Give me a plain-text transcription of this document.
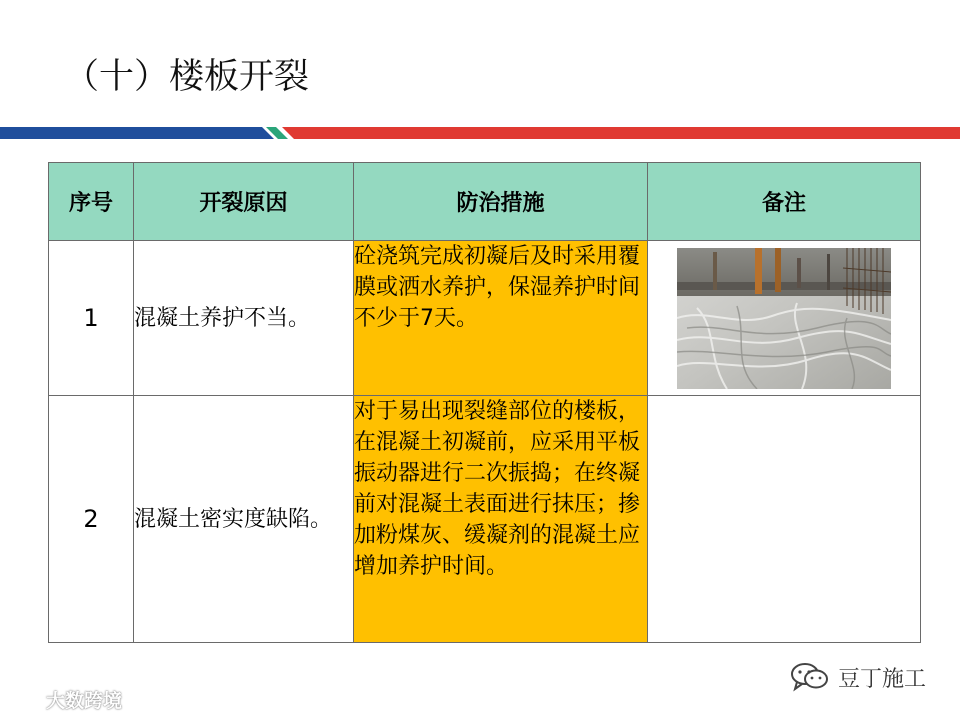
（十）楼板开裂
序号	开裂原因	防治措施	备注
1	混凝土养护不当。	砼浇筑完成初凝后及时采用覆膜或洒水养护，保湿养护时间不少于7天。	
2	混凝土密实度缺陷。	对于易出现裂缝部位的楼板，在混凝土初凝前，应采用平板振动器进行二次振捣；在终凝前对混凝土表面进行抹压；掺加粉煤灰、缓凝剂的混凝土应增加养护时间。	
豆丁施工
大数跨境
